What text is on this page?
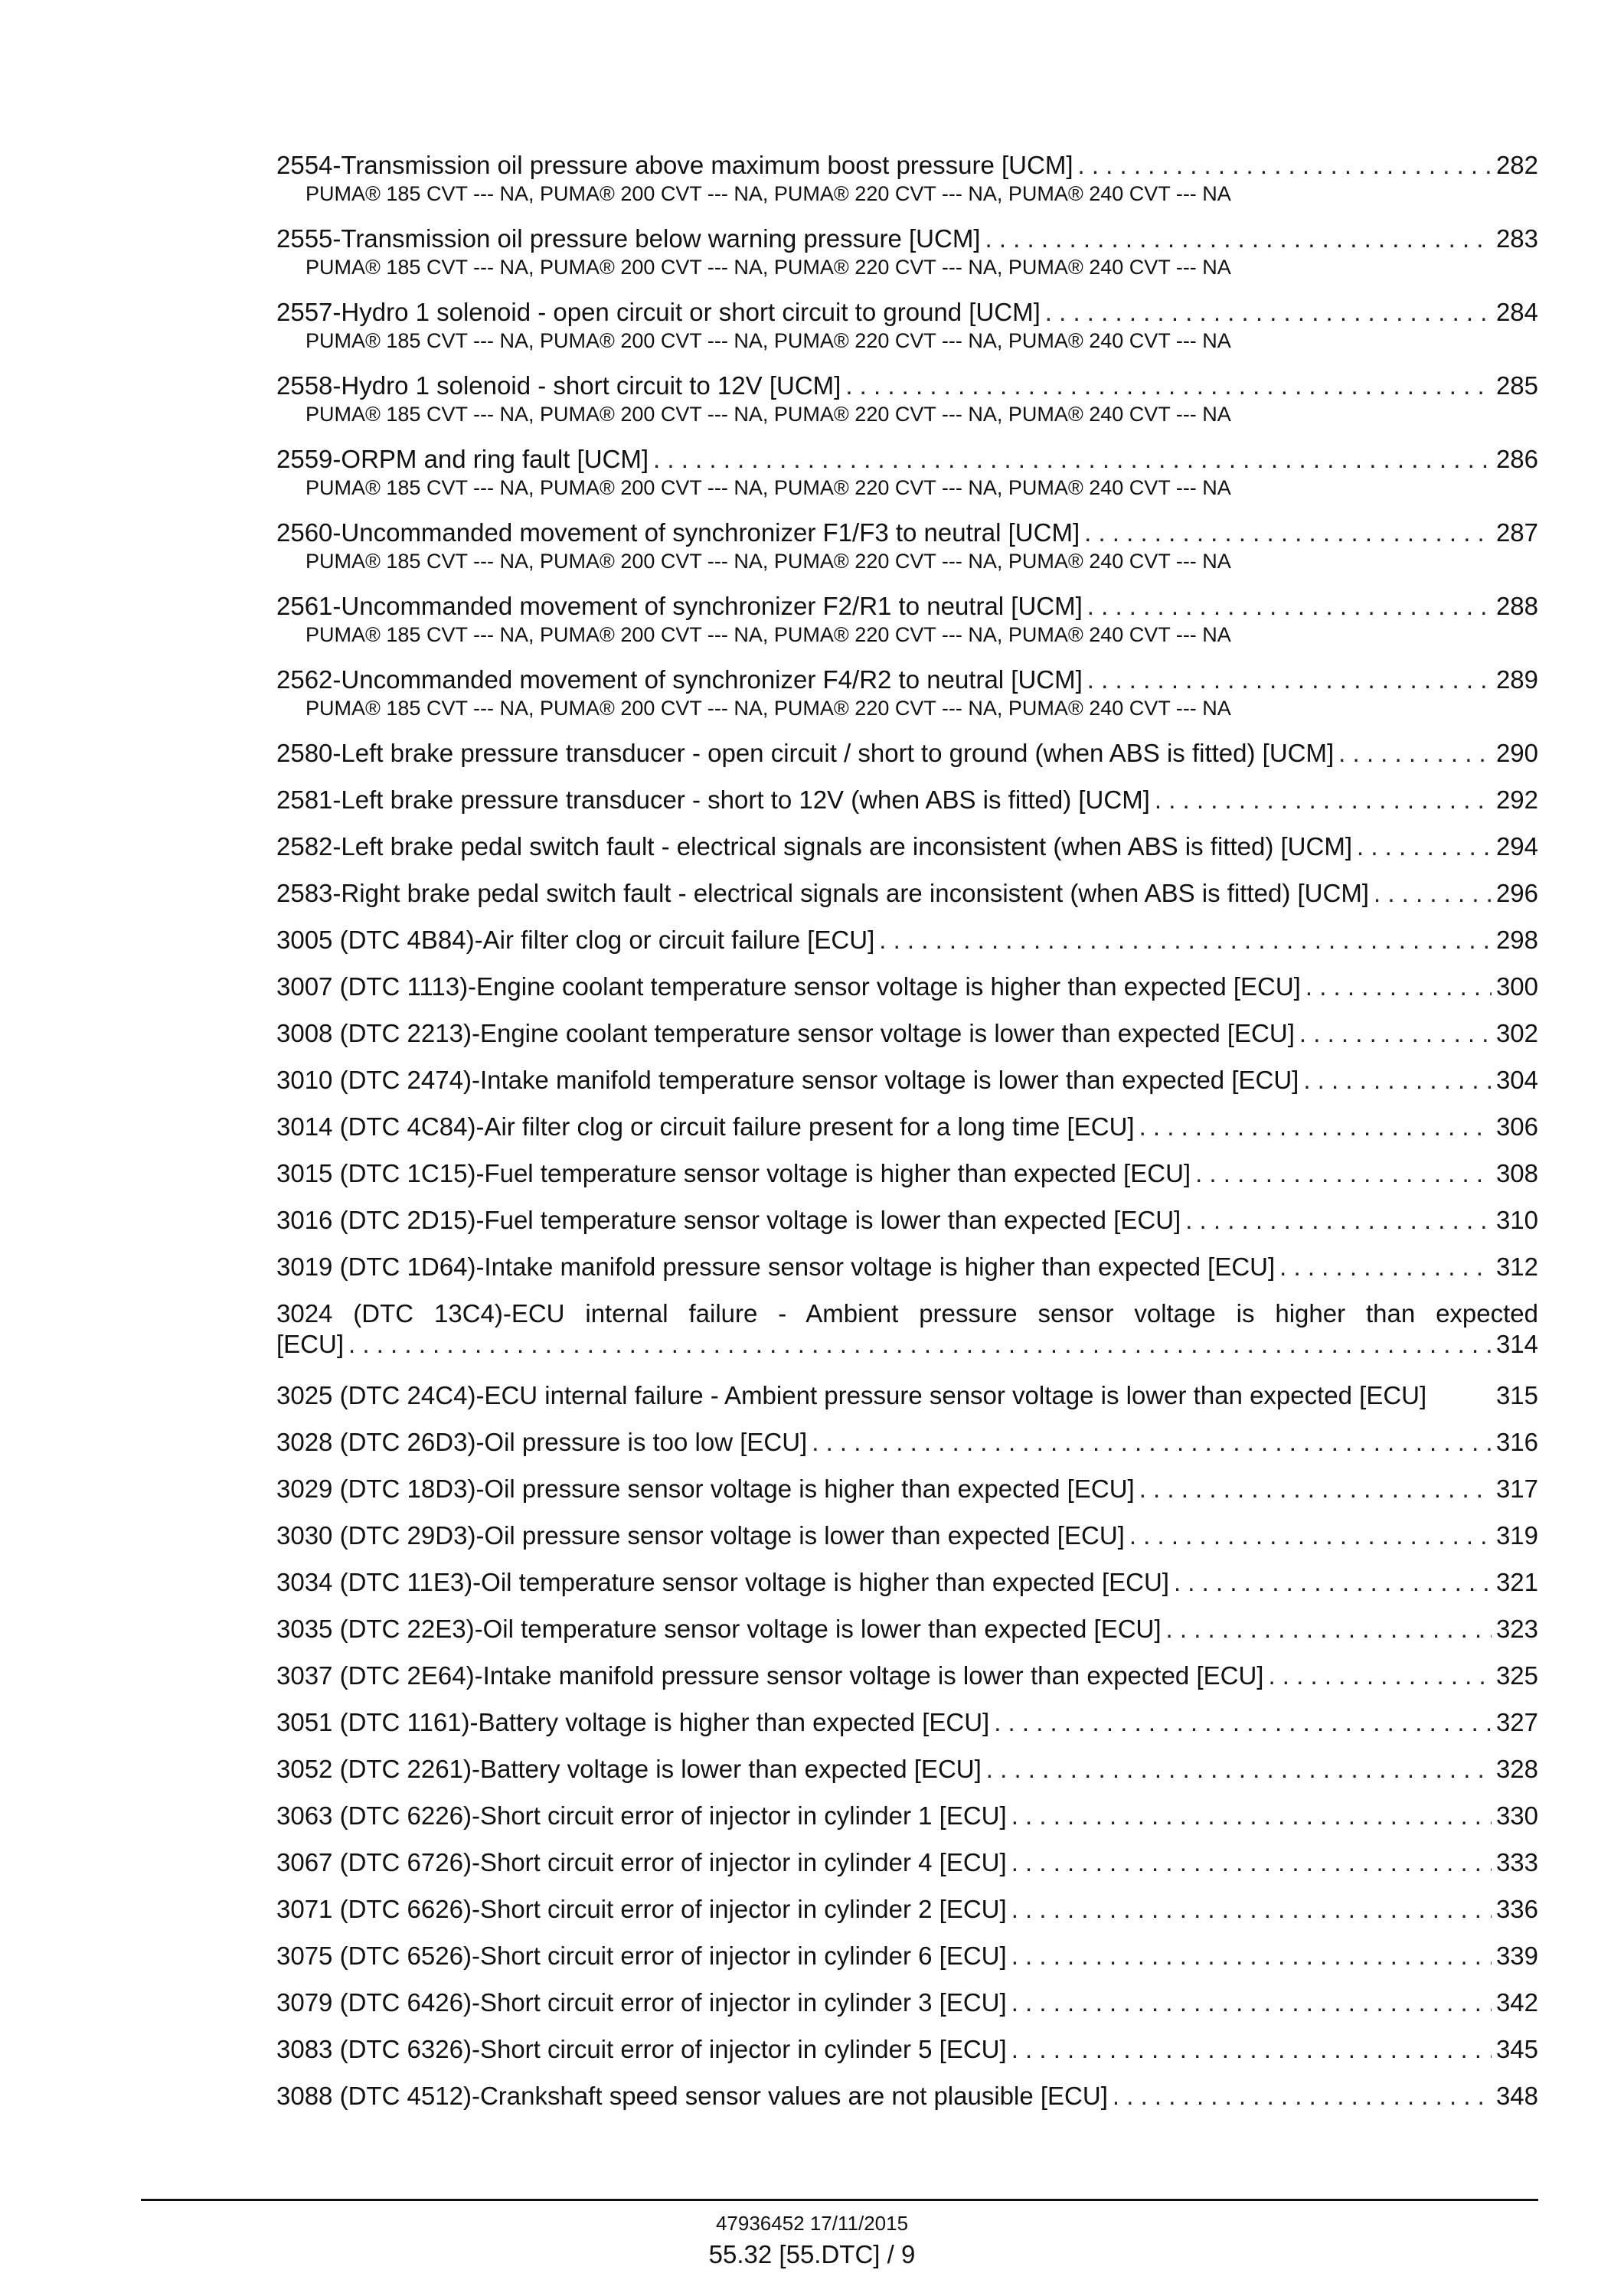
2554-Transmission oil pressure above maximum boost pressure [UCM] . . .	282
PUMA® 185 CVT --- NA, PUMA® 200 CVT --- NA, PUMA® 220 CVT --- NA, PUMA® 240 CVT --- NA
2555-Transmission oil pressure below warning pressure [UCM] . . .	283
PUMA® 185 CVT --- NA, PUMA® 200 CVT --- NA, PUMA® 220 CVT --- NA, PUMA® 240 CVT --- NA
2557-Hydro 1 solenoid - open circuit or short circuit to ground [UCM] . . .	284
PUMA® 185 CVT --- NA, PUMA® 200 CVT --- NA, PUMA® 220 CVT --- NA, PUMA® 240 CVT --- NA
2558-Hydro 1 solenoid - short circuit to 12V [UCM] . . .	285
PUMA® 185 CVT --- NA, PUMA® 200 CVT --- NA, PUMA® 220 CVT --- NA, PUMA® 240 CVT --- NA
2559-ORPM and ring fault [UCM] . . .	286
PUMA® 185 CVT --- NA, PUMA® 200 CVT --- NA, PUMA® 220 CVT --- NA, PUMA® 240 CVT --- NA
2560-Uncommanded movement of synchronizer F1/F3 to neutral [UCM] . . .	287
PUMA® 185 CVT --- NA, PUMA® 200 CVT --- NA, PUMA® 220 CVT --- NA, PUMA® 240 CVT --- NA
2561-Uncommanded movement of synchronizer F2/R1 to neutral [UCM] . . .	288
PUMA® 185 CVT --- NA, PUMA® 200 CVT --- NA, PUMA® 220 CVT --- NA, PUMA® 240 CVT --- NA
2562-Uncommanded movement of synchronizer F4/R2 to neutral [UCM] . . .	289
PUMA® 185 CVT --- NA, PUMA® 200 CVT --- NA, PUMA® 220 CVT --- NA, PUMA® 240 CVT --- NA
2580-Left brake pressure transducer - open circuit / short to ground (when ABS is fitted) [UCM] . . .	290
2581-Left brake pressure transducer - short to 12V (when ABS is fitted) [UCM] . . .	292
2582-Left brake pedal switch fault - electrical signals are inconsistent (when ABS is fitted) [UCM] . . .	294
2583-Right brake pedal switch fault - electrical signals are inconsistent (when ABS is fitted) [UCM] . . .	296
3005 (DTC 4B84)-Air filter clog or circuit failure [ECU] . . .	298
3007 (DTC 1113)-Engine coolant temperature sensor voltage is higher than expected [ECU] . . .	300
3008 (DTC 2213)-Engine coolant temperature sensor voltage is lower than expected [ECU] . . .	302
3010 (DTC 2474)-Intake manifold temperature sensor voltage is lower than expected [ECU] . . .	304
3014 (DTC 4C84)-Air filter clog or circuit failure present for a long time [ECU] . . .	306
3015 (DTC 1C15)-Fuel temperature sensor voltage is higher than expected [ECU] . . .	308
3016 (DTC 2D15)-Fuel temperature sensor voltage is lower than expected [ECU] . . .	310
3019 (DTC 1D64)-Intake manifold pressure sensor voltage is higher than expected [ECU] . . .	312
3024 (DTC 13C4)-ECU internal failure - Ambient pressure sensor voltage is higher than expected
[ECU] . . .	314
3025 (DTC 24C4)-ECU internal failure - Ambient pressure sensor voltage is lower than expected [ECU]	315
3028 (DTC 26D3)-Oil pressure is too low [ECU] . . .	316
3029 (DTC 18D3)-Oil pressure sensor voltage is higher than expected [ECU] . . .	317
3030 (DTC 29D3)-Oil pressure sensor voltage is lower than expected [ECU] . . .	319
3034 (DTC 11E3)-Oil temperature sensor voltage is higher than expected [ECU] . . .	321
3035 (DTC 22E3)-Oil temperature sensor voltage is lower than expected [ECU] . . .	323
3037 (DTC 2E64)-Intake manifold pressure sensor voltage is lower than expected [ECU] . . .	325
3051 (DTC 1161)-Battery voltage is higher than expected [ECU] . . .	327
3052 (DTC 2261)-Battery voltage is lower than expected [ECU] . . .	328
3063 (DTC 6226)-Short circuit error of injector in cylinder 1 [ECU] . . .	330
3067 (DTC 6726)-Short circuit error of injector in cylinder 4 [ECU] . . .	333
3071 (DTC 6626)-Short circuit error of injector in cylinder 2 [ECU] . . .	336
3075 (DTC 6526)-Short circuit error of injector in cylinder 6 [ECU] . . .	339
3079 (DTC 6426)-Short circuit error of injector in cylinder 3 [ECU] . . .	342
3083 (DTC 6326)-Short circuit error of injector in cylinder 5 [ECU] . . .	345
3088 (DTC 4512)-Crankshaft speed sensor values are not plausible [ECU] . . .	348
47936452 17/11/2015
55.32 [55.DTC] / 9
